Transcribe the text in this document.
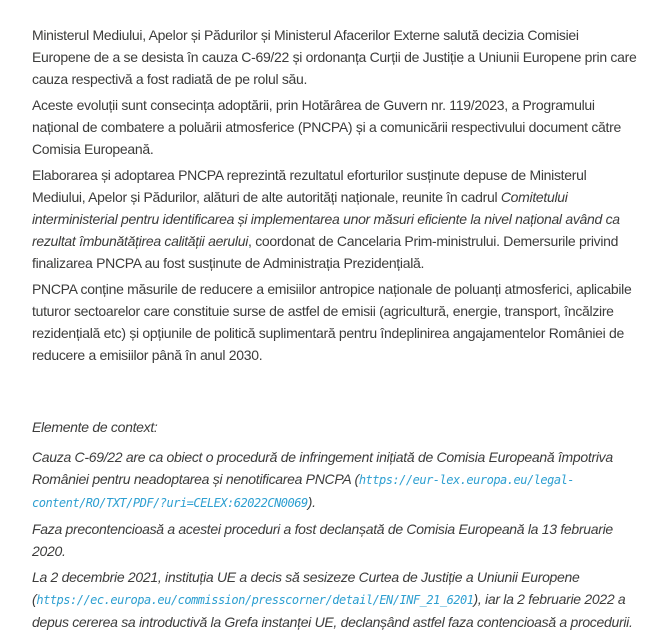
Ministerul Mediului, Apelor și Pădurilor și Ministerul Afacerilor Externe salută decizia Comisiei Europene de a se desista în cauza C-69/22 și ordonanța Curții de Justiție a Uniunii Europene prin care cauza respectivă a fost radiată de pe rolul său.

Aceste evoluții sunt consecința adoptării, prin Hotărârea de Guvern nr. 119/2023, a Programului național de combatere a poluării atmosferice (PNCPA) și a comunicării respectivului document către Comisia Europeană.

Elaborarea și adoptarea PNCPA reprezintă rezultatul eforturilor susținute depuse de Ministerul Mediului, Apelor și Pădurilor, alături de alte autorități naționale, reunite în cadrul Comitetului interministerial pentru identificarea și implementarea unor măsuri eficiente la nivel național având ca rezultat îmbunătățirea calității aerului, coordonat de Cancelaria Prim-ministrului. Demersurile privind finalizarea PNCPA au fost susținute de Administrația Prezidențială.

PNCPA conține măsurile de reducere a emisiilor antropice naționale de poluanți atmosferici, aplicabile tuturor sectoarelor care constituie surse de astfel de emisii (agricultură, energie, transport, încălzire rezidențială etc) și opțiunile de politică suplimentară pentru îndeplinirea angajamentelor României de reducere a emisiilor până în anul 2030.

Elemente de context:

Cauza C-69/22 are ca obiect o procedură de infringement inițiată de Comisia Europeană împotriva României pentru neadoptarea și nenotificarea PNCPA (https://eur-lex.europa.eu/legal-content/RO/TXT/PDF/?uri=CELEX:62022CN0069).

Faza precontencioasă a acestei proceduri a fost declanșată de Comisia Europeană la 13 februarie 2020.

La 2 decembrie 2021, instituția UE a decis să sesizeze Curtea de Justiție a Uniunii Europene (https://ec.europa.eu/commission/presscorner/detail/EN/INF_21_6201), iar la 2 februarie 2022 a depus cererea sa introductivă la Grefa instanței UE, declanșând astfel faza contencioasă a procedurii.
